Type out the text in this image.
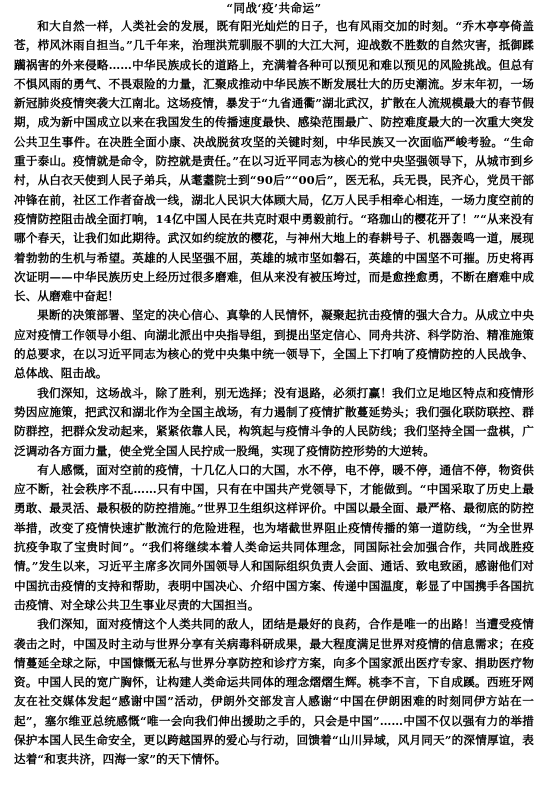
“同战‘疫’共命运”

和大自然一样，人类社会的发展，既有阳光灿烂的日子，也有风雨交加的时刻。“乔木亭亭倚盖苍，栉风沐雨自担当。”几千年来，治理洪荒驯服不驯的大江大河，迎战数不胜数的自然灾害，抵御蹂躏祸害的外来侵略……中华民族成长的道路上，充满着各种可以预见和难以预见的风险挑战。但总有不惧风雨的勇气、不畏艰险的力量，汇聚成推动中华民族不断发展壮大的历史潮流。岁末年初，一场新冠肺炎疫情突袭大江南北。这场疫情，暴发于“九省通衢”湖北武汉，扩散在人流规模最大的春节假期，成为新中国成立以来在我国发生的传播速度最快、感染范围最广、防控难度最大的一次重大突发公共卫生事件。在决胜全面小康、决战脱贫攻坚的关键时刻，中华民族又一次面临严峻考验。“生命重于泰山。疫情就是命令，防控就是责任。”在以习近平同志为核心的党中央坚强领导下，从城市到乡村，从白衣天使到人民子弟兵，从耄耋院士到“90后”“00后”，医无私，兵无畏，民齐心，党员干部冲锋在前，社区工作者奋战一线，湖北人民识大体顾大局，亿万人民手相牵心相连，一场力度空前的疫情防控阻击战全面打响，14亿中国人民在共克时艰中勇毅前行。“珞珈山的樱花开了！”“从来没有哪个春天，让我们如此期待。武汉如约绽放的樱花，与神州大地上的春耕号子、机器轰鸣一道，展现着勃勃的生机与希望。英雄的人民坚强不屈，英雄的城市坚如磐石，英雄的中国坚不可摧。历史将再次证明——中华民族历史上经历过很多磨难，但从来没有被压垮过，而是愈挫愈勇，不断在磨难中成长、从磨难中奋起！

果断的决策部署、坚定的决心信心、真挚的人民情怀，凝聚起抗击疫情的强大合力。从成立中央应对疫情工作领导小组、向湖北派出中央指导组，到提出坚定信心、同舟共济、科学防治、精准施策的总要求，在以习近平同志为核心的党中央集中统一领导下，全国上下打响了疫情防控的人民战争、总体战、阻击战。

我们深知，这场战斗，除了胜利，别无选择；没有退路，必须打赢！我们立足地区特点和疫情形势因应施策，把武汉和湖北作为全国主战场，有力遏制了疫情扩散蔓延势头；我们强化联防联控、群防群控，把群众发动起来，紧紧依靠人民，构筑起与疫情斗争的人民防线；我们坚持全国一盘棋，广泛调动各方面力量，使全党全国人民拧成一股绳，实现了疫情防控形势的大逆转。

有人感慨，面对空前的疫情，十几亿人口的大国，水不停，电不停，暖不停，通信不停，物资供应不断，社会秩序不乱……只有中国，只有在中国共产党领导下，才能做到。“中国采取了历史上最勇敢、最灵活、最积极的防控措施。”世界卫生组织这样评价。中国以最全面、最严格、最彻底的防控举措，改变了疫情快速扩散流行的危险进程，也为堵截世界阻止疫情传播的第一道防线，“为全世界抗疫争取了宝贵时间”。“我们将继续本着人类命运共同体理念，同国际社会加强合作，共同战胜疫情。”发生以来，习近平主席多次同外国领导人和国际组织负责人会面、通话、致电致函，感谢他们对中国抗击疫情的支持和帮助，表明中国决心、介绍中国方案、传递中国温度，彰显了中国携手各国抗击疫情、对全球公共卫生事业尽责的大国担当。

我们深知，面对疫情这个人类共同的敌人，团结是最好的良药，合作是唯一的出路！当遭受疫情袭击之时，中国及时主动与世界分享有关病毒科研成果，最大程度满足世界对疫情的信息需求；在疫情蔓延全球之际，中国慷慨无私与世界分享防控和诊疗方案，向多个国家派出医疗专家、捐助医疗物资。中国人民的宽广胸怀，让构建人类命运共同体的理念熠熠生辉。桃李不言，下自成蹊。西班牙网友在社交媒体发起“感谢中国”活动，伊朗外交部发言人感谢“中国在伊朗困难的时刻同伊方站在一起”，塞尔维亚总统感慨“唯一会向我们伸出援助之手的，只会是中国”……中国不仅以强有力的举措保护本国人民生命安全，更以跨越国界的爱心与行动，回馈着“山川异域，风月同天”的深情厚谊，表达着“和衷共济，四海一家”的天下情怀。
